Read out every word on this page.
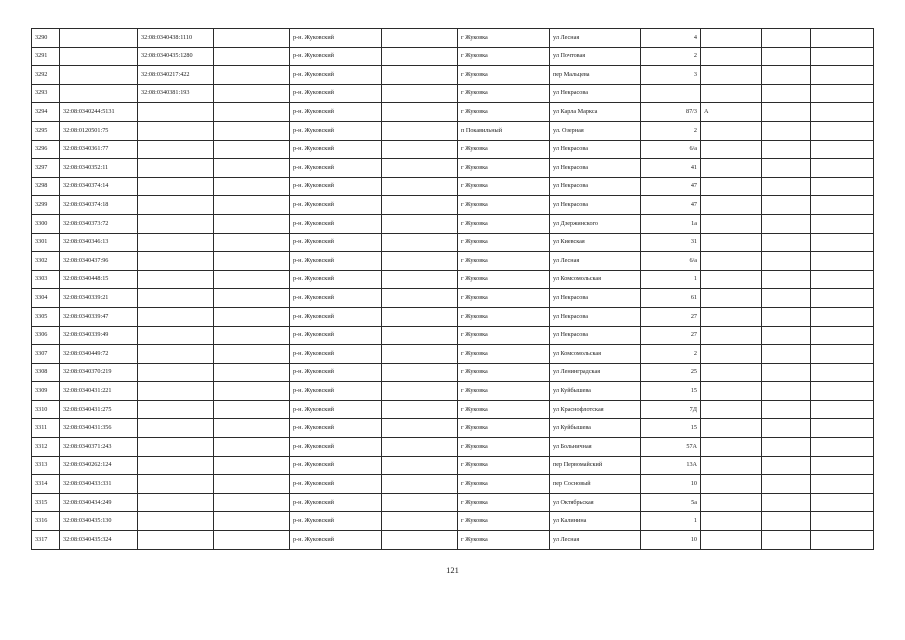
3290		32:08:0340438:1110		р-н. Жуковский		г Жуковка	ул Лесная	4			
3291		32:08:0340435:1280		р-н. Жуковский		г Жуковка	ул Почтовая	2			
3292		32:08:0340217:422		р-н. Жуковский		г Жуковка	пер Мальцева	3			
3293		32:08:0340381:193		р-н. Жуковский		г Жуковка	ул Некрасова				
3294	32:08:0340244:5131			р-н. Жуковский		г Жуковка	ул Карла Маркса	87/3	А		
3295	32:08:0120501:75			р-н. Жуковский		п Покавильный	ул. Озерная	2			
3296	32:08:0340361:77			р-н. Жуковский		г Жуковка	ул Некрасова	6/а			
3297	32:08:0340352:11			р-н. Жуковский		г Жуковка	ул Некрасова	41			
3298	32:08:0340374:14			р-н. Жуковский		г Жуковка	ул Некрасова	47			
3299	32:08:0340374:18			р-н. Жуковский		г Жуковка	ул Некрасова	47			
3300	32:08:0340373:72			р-н. Жуковский		г Жуковка	ул Дзержинского	1а			
3301	32:08:0340346:13			р-н. Жуковский		г Жуковка	ул Киевская	31			
3302	32:08:0340437:96			р-н. Жуковский		г Жуковка	ул Лесная	6/а			
3303	32:08:0340448:15			р-н. Жуковский		г Жуковка	ул Комсомольская	1			
3304	32:08:0340339:21			р-н. Жуковский		г Жуковка	ул Некрасова	61			
3305	32:08:0340339:47			р-н. Жуковский		г Жуковка	ул Некрасова	27			
3306	32:08:0340339:49			р-н. Жуковский		г Жуковка	ул Некрасова	27			
3307	32:08:0340449:72			р-н. Жуковский		г Жуковка	ул Комсомольская	2			
3308	32:08:0340370:219			р-н. Жуковский		г Жуковка	ул Ленинградская	25			
3309	32:08:0340431:221			р-н. Жуковский		г Жуковка	ул Куйбышева	15			
3310	32:08:0340431:275			р-н. Жуковский		г Жуковка	ул Краснофлотская	7Д			
3311	32:08:0340431:356			р-н. Жуковский		г Жуковка	ул Куйбышева	15			
3312	32:08:0340371:243			р-н. Жуковский		г Жуковка	ул Больничная	57А			
3313	32:08:0340262:124			р-н. Жуковский		г Жуковка	пер Первомайский	13А			
3314	32:08:0340433:331			р-н. Жуковский		г Жуковка	пер Сосновый	10			
3315	32:08:0340434:249			р-н. Жуковский		г Жуковка	ул Октябрьская	5а			
3316	32:08:0340435:130			р-н. Жуковский		г Жуковка	ул Калинина	1			
3317	32:08:0340435:324			р-н. Жуковский		г Жуковка	ул Лесная	10			
121
